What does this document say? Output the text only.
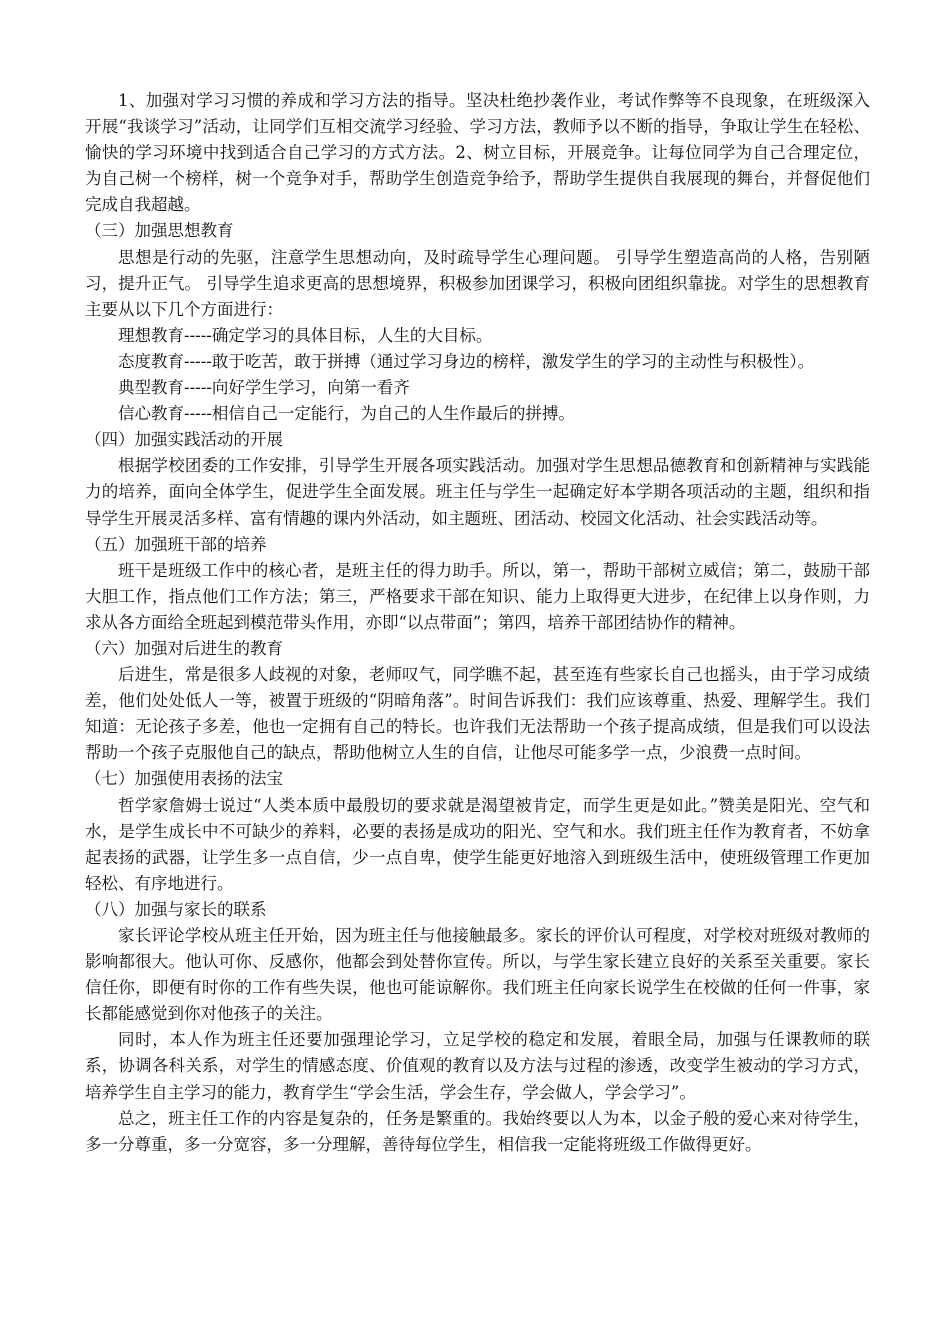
1、加强对学习习惯的养成和学习方法的指导。坚决杜绝抄袭作业，考试作弊等不良现象，在班级深入开展“我谈学习”活动，让同学们互相交流学习经验、学习方法，教师予以不断的指导，争取让学生在轻松、愉快的学习环境中找到适合自己学习的方式方法。2、树立目标，开展竞争。让每位同学为自己合理定位，为自己树一个榜样，树一个竞争对手，帮助学生创造竞争给予，帮助学生提供自我展现的舞台，并督促他们完成自我超越。

（三）加强思想教育

思想是行动的先驱，注意学生思想动向，及时疏导学生心理问题。 引导学生塑造高尚的人格，告别陋习，提升正气。 引导学生追求更高的思想境界，积极参加团课学习，积极向团组织靠拢。对学生的思想教育主要从以下几个方面进行：

理想教育-----确定学习的具体目标，人生的大目标。

态度教育-----敢于吃苦，敢于拼搏（通过学习身边的榜样，激发学生的学习的主动性与积极性）。

典型教育-----向好学生学习，向第一看齐

信心教育-----相信自己一定能行，为自己的人生作最后的拼搏。

（四）加强实践活动的开展

根据学校团委的工作安排，引导学生开展各项实践活动。加强对学生思想品德教育和创新精神与实践能力的培养，面向全体学生，促进学生全面发展。班主任与学生一起确定好本学期各项活动的主题，组织和指导学生开展灵活多样、富有情趣的课内外活动，如主题班、团活动、校园文化活动、社会实践活动等。

（五）加强班干部的培养

班干是班级工作中的核心者，是班主任的得力助手。所以，第一，帮助干部树立威信；第二，鼓励干部大胆工作，指点他们工作方法；第三，严格要求干部在知识、能力上取得更大进步，在纪律上以身作则，力求从各方面给全班起到模范带头作用，亦即“以点带面”；第四，培养干部团结协作的精神。

（六）加强对后进生的教育

后进生，常是很多人歧视的对象，老师叹气，同学瞧不起，甚至连有些家长自己也摇头，由于学习成绩差，他们处处低人一等，被置于班级的“阴暗角落”。时间告诉我们：我们应该尊重、热爱、理解学生。我们知道：无论孩子多差，他也一定拥有自己的特长。也许我们无法帮助一个孩子提高成绩，但是我们可以设法帮助一个孩子克服他自己的缺点，帮助他树立人生的自信，让他尽可能多学一点，少浪费一点时间。

（七）加强使用表扬的法宝

哲学家詹姆士说过“人类本质中最殷切的要求就是渴望被肯定，而学生更是如此。”赞美是阳光、空气和水，是学生成长中不可缺少的养料，必要的表扬是成功的阳光、空气和水。我们班主任作为教育者，不妨拿起表扬的武器，让学生多一点自信，少一点自卑，使学生能更好地溶入到班级生活中，使班级管理工作更加轻松、有序地进行。

（八）加强与家长的联系

家长评论学校从班主任开始，因为班主任与他接触最多。家长的评价认可程度，对学校对班级对教师的影响都很大。他认可你、反感你，他都会到处替你宣传。所以，与学生家长建立良好的关系至关重要。家长信任你，即便有时你的工作有些失误，他也可能谅解你。我们班主任向家长说学生在校做的任何一件事，家长都能感觉到你对他孩子的关注。

同时，本人作为班主任还要加强理论学习，立足学校的稳定和发展，着眼全局，加强与任课教师的联系，协调各科关系，对学生的情感态度、价值观的教育以及方法与过程的渗透，改变学生被动的学习方式，培养学生自主学习的能力，教育学生“学会生活，学会生存，学会做人，学会学习”。

总之，班主任工作的内容是复杂的，任务是繁重的。我始终要以人为本，以金子般的爱心来对待学生，多一分尊重，多一分宽容，多一分理解，善待每位学生，相信我一定能将班级工作做得更好。
